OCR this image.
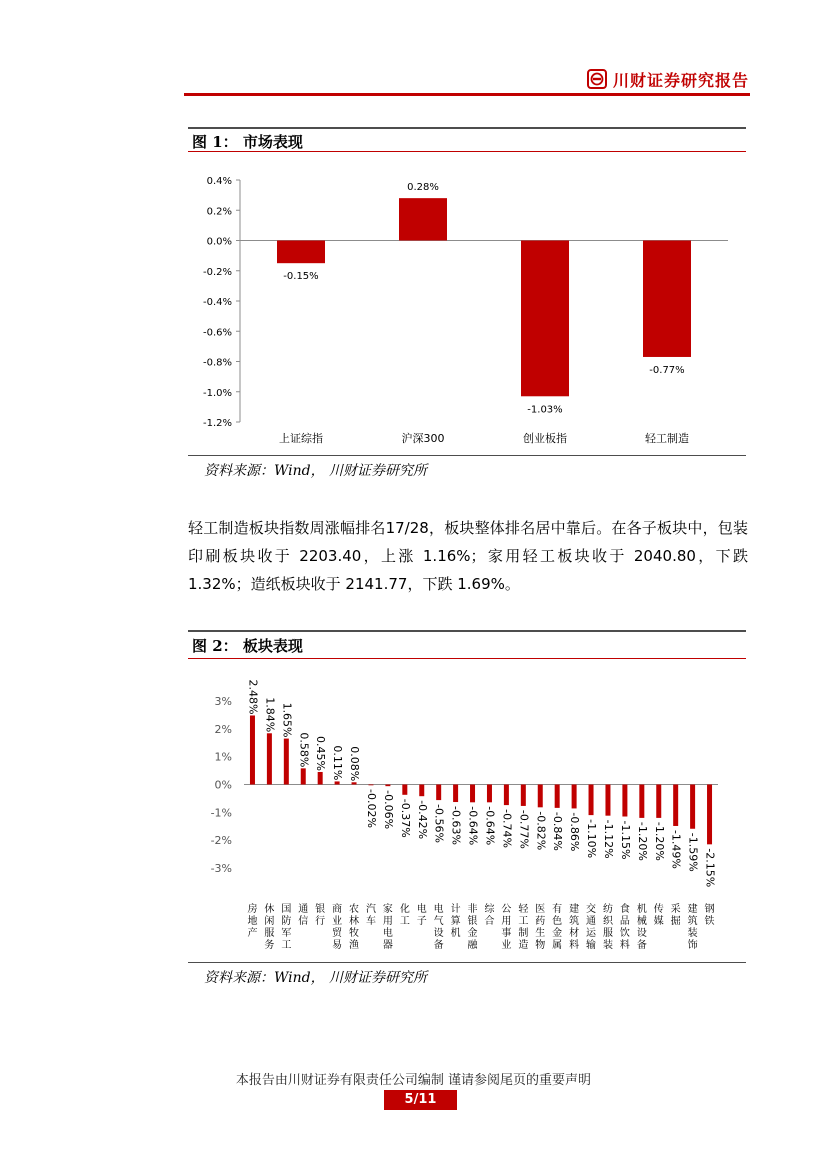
川财证券研究报告
图 1： 市场表现
0.4%
0.2%
0.0%
-0.2%
-0.4%
-0.6%
-0.8%
-1.0%
-1.2%
-0.15%
0.28%
-1.03%
-0.77%
上证综指	沪深300	创业板指	轻工制造
资料来源：Wind， 川财证券研究所
轻工制造板块指数周涨幅排名17/28，板块整体排名居中靠后。在各子板块中，包装印刷板块收于 2203.40，上涨 1.16%；家用轻工板块收于 2040.80，下跌 1.32%；造纸板块收于 2141.77，下跌 1.69%。
图 2： 板块表现
3%
2%
1%
0%
-1%
-2%
-3%
2.48%
1.84% 1.65%
0.58% 0.45% 0.11% 0.08%
-0.02% -0.06% -0.37% -0.42% -0.56% -0.63% -0.64% -0.64% -0.74% -0.77% -0.82% -0.84% -0.86% -1.10% -1.12% -1.15% -1.20% -1.20% -1.49% -1.59% -2.15%
房地产
休闲服务
国防军工
通信
银行
商业贸易
农林牧渔
汽车
家用电器
化工
电子
电气设备
计算机
非银金融
综合
公用事业
轻工制造
医药生物
有色金属
建筑材料
交通运输
纺织服装
食品饮料
机械设备
传媒
采掘
建筑装饰
钢铁
资料来源：Wind， 川财证券研究所
本报告由川财证券有限责任公司编制 谨请参阅尾页的重要声明
5/11
